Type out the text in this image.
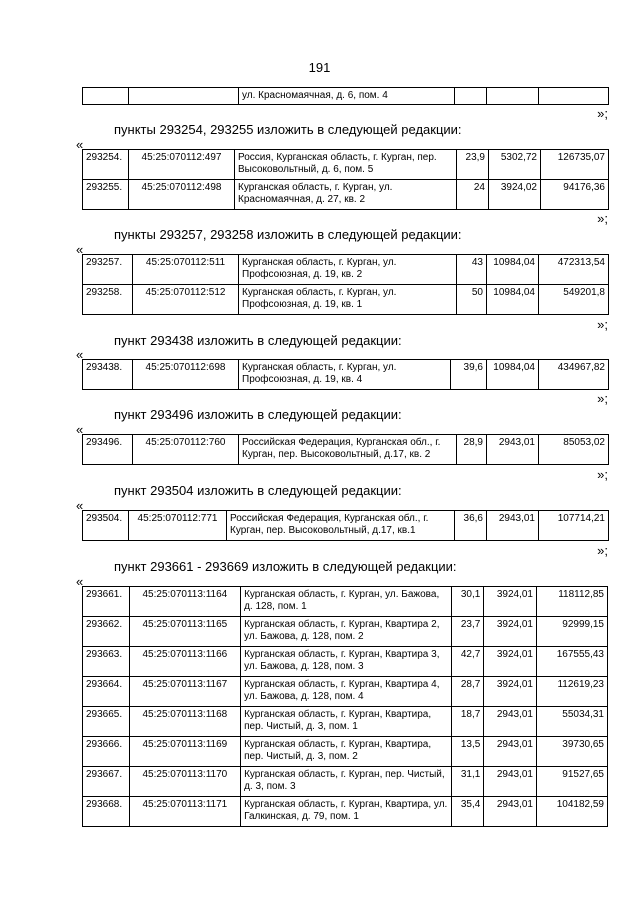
191
		ул. Красномаячная, д. 6, пом. 4			
»;
пункты 293254, 293255 изложить в следующей редакции:
«
293254.	45:25:070112:497	Россия, Курганская область, г. Курган, пер. Высоковольтный, д. 6, пом. 5	23,9	5302,72	126735,07
293255.	45:25:070112:498	Курганская область, г. Курган, ул. Красномаячная, д. 27, кв. 2	24	3924,02	94176,36
»;
пункты 293257, 293258 изложить в следующей редакции:
«
293257.	45:25:070112:511	Курганская область, г. Курган, ул. Профсоюзная, д. 19, кв. 2	43	10984,04	472313,54
293258.	45:25:070112:512	Курганская область, г. Курган, ул. Профсоюзная, д. 19, кв. 1	50	10984,04	549201,8
»;
пункт 293438 изложить в следующей редакции:
«
293438.	45:25:070112:698	Курганская область, г. Курган, ул. Профсоюзная, д. 19, кв. 4	39,6	10984,04	434967,82
»;
пункт 293496 изложить в следующей редакции:
«
293496.	45:25:070112:760	Российская Федерация, Курганская обл., г. Курган, пер. Высоковольтный, д.17, кв. 2	28,9	2943,01	85053,02
»;
пункт 293504 изложить в следующей редакции:
«
293504.	45:25:070112:771	Российская Федерация, Курганская обл., г. Курган, пер. Высоковольтный, д.17, кв.1	36,6	2943,01	107714,21
»;
пункт 293661 - 293669 изложить в следующей редакции:
«
293661.	45:25:070113:1164	Курганская область, г. Курган, ул. Бажова, д. 128, пом. 1	30,1	3924,01	118112,85
293662.	45:25:070113:1165	Курганская область, г. Курган, Квартира 2, ул. Бажова, д. 128, пом. 2	23,7	3924,01	92999,15
293663.	45:25:070113:1166	Курганская область, г. Курган, Квартира 3, ул. Бажова, д. 128, пом. 3	42,7	3924,01	167555,43
293664.	45:25:070113:1167	Курганская область, г. Курган, Квартира 4, ул. Бажова, д. 128, пом. 4	28,7	3924,01	112619,23
293665.	45:25:070113:1168	Курганская область, г. Курган, Квартира, пер. Чистый, д. 3, пом. 1	18,7	2943,01	55034,31
293666.	45:25:070113:1169	Курганская область, г. Курган, Квартира, пер. Чистый, д. 3, пом. 2	13,5	2943,01	39730,65
293667.	45:25:070113:1170	Курганская область, г. Курган, пер. Чистый, д. 3, пом. 3	31,1	2943,01	91527,65
293668.	45:25:070113:1171	Курганская область, г. Курган, Квартира, ул. Галкинская, д. 79, пом. 1	35,4	2943,01	104182,59
